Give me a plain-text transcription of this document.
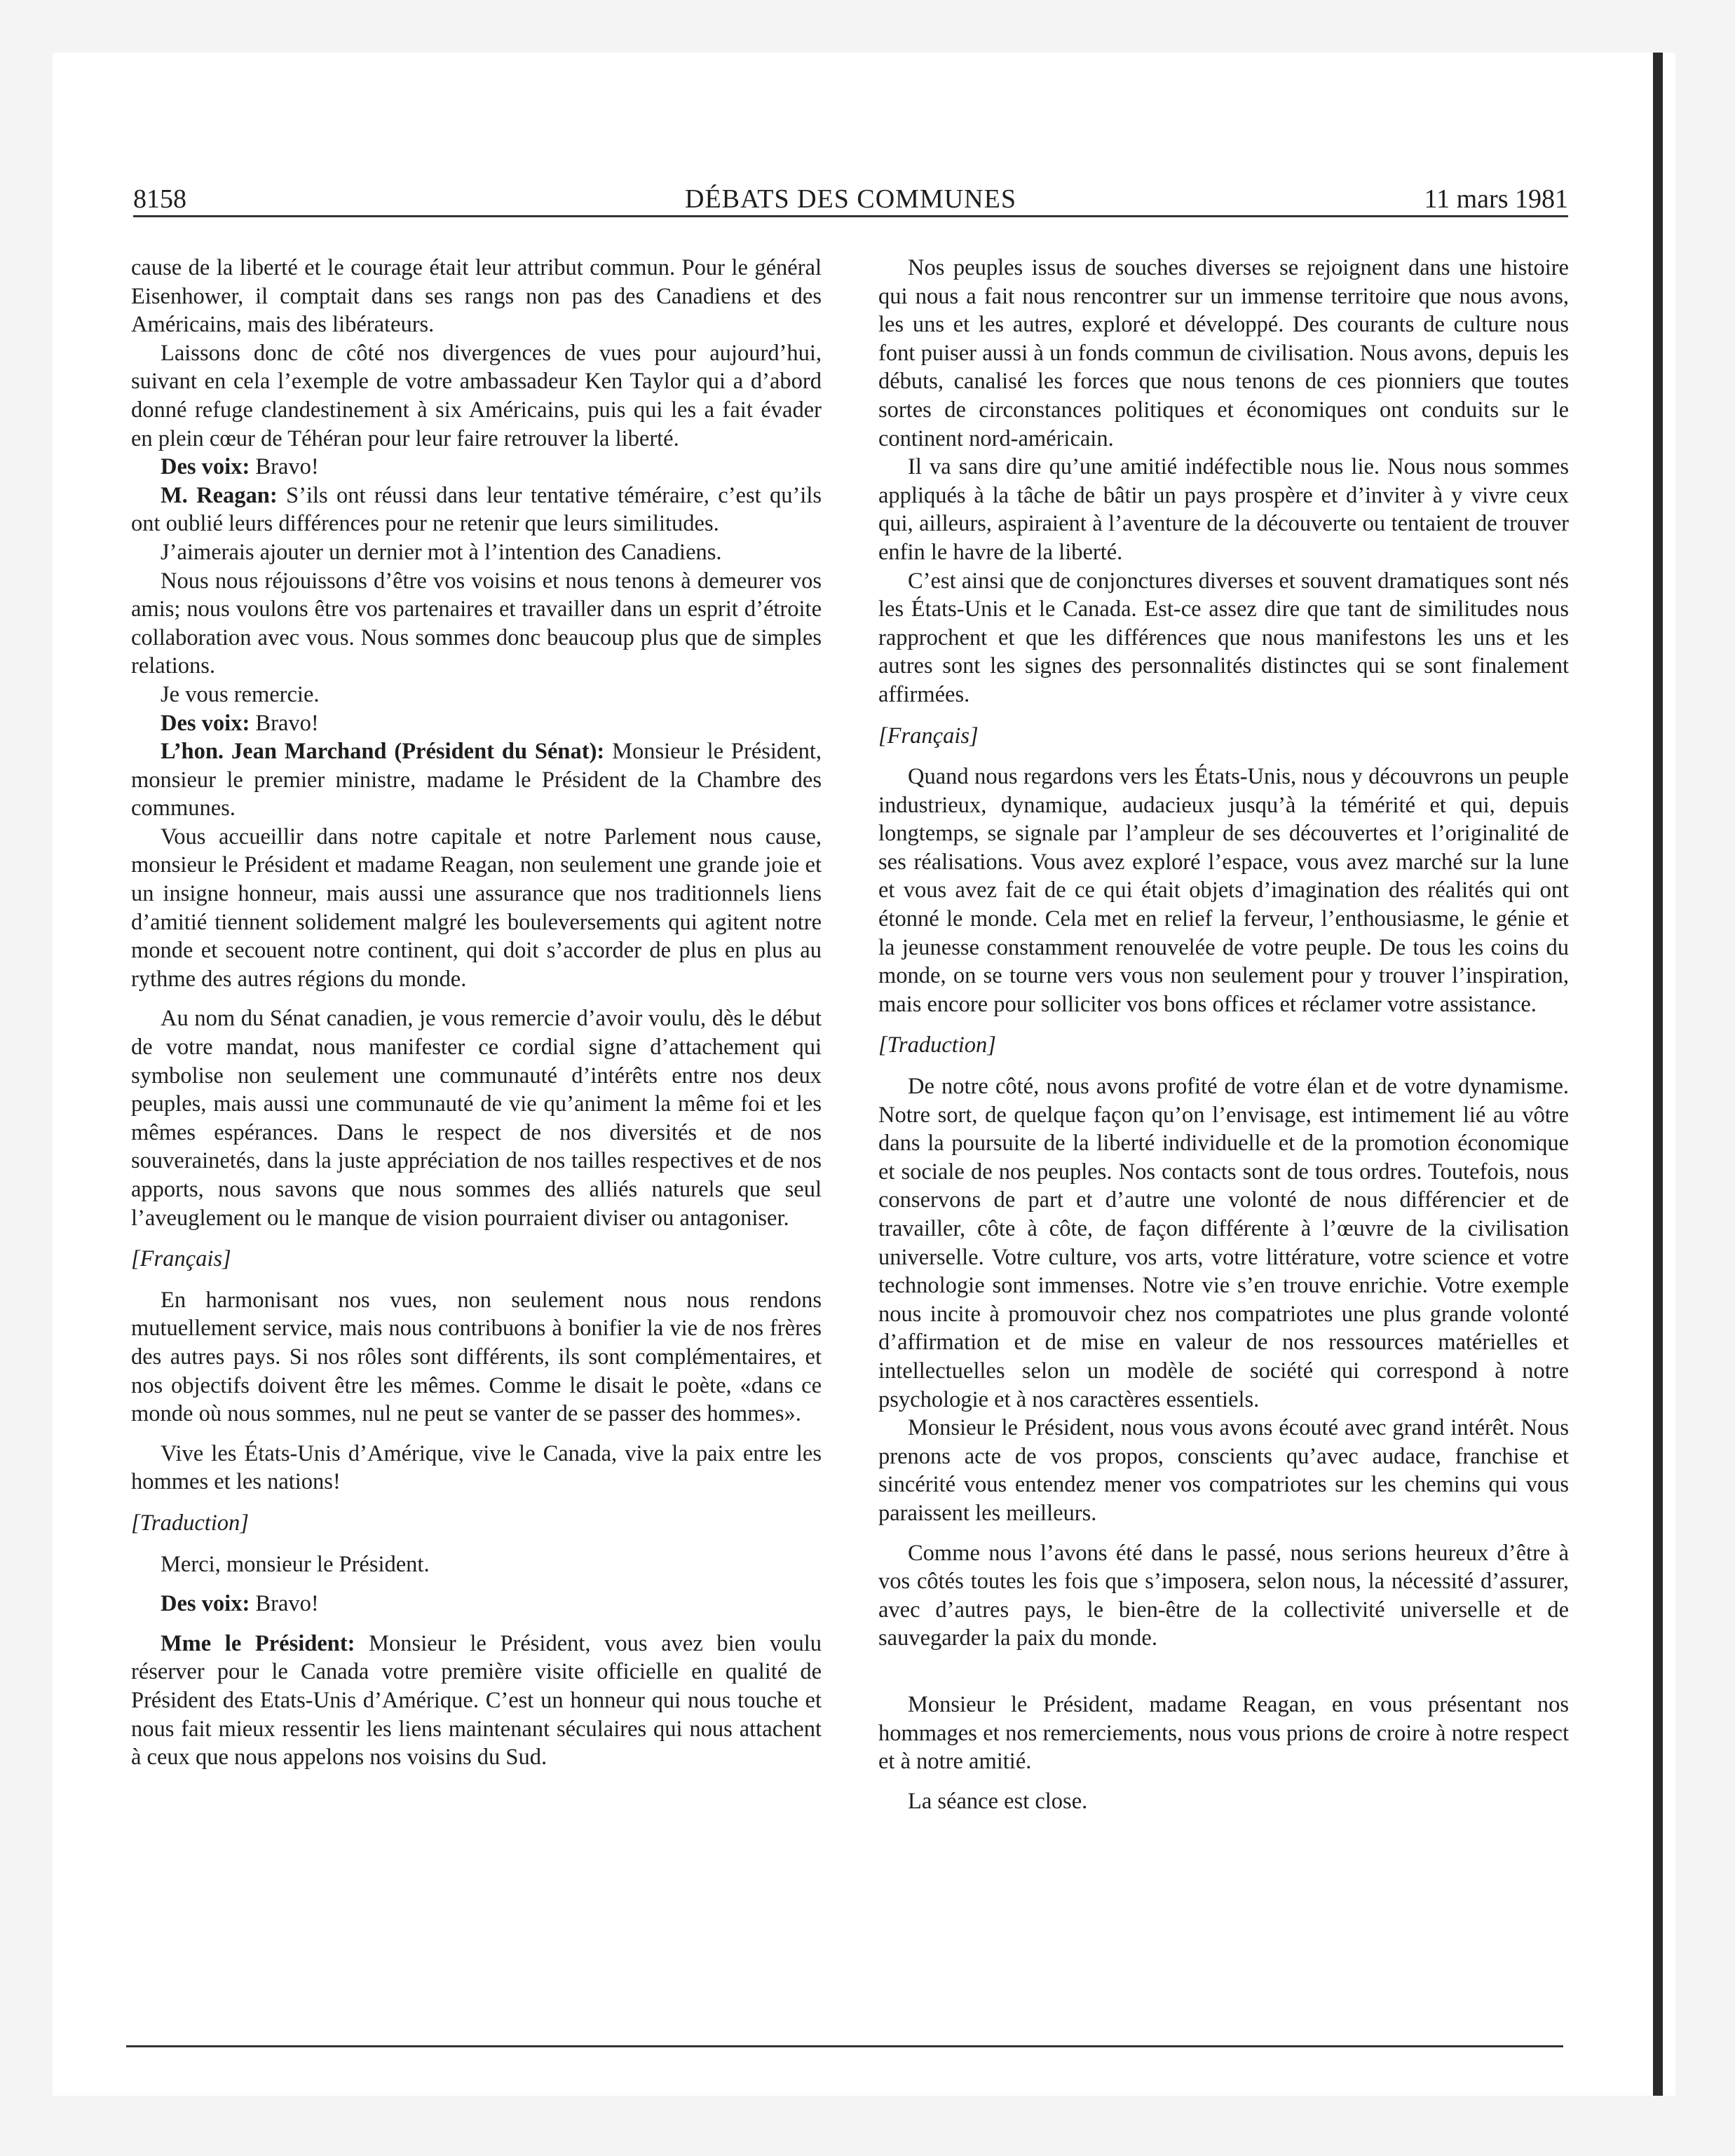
8158	DÉBATS DES COMMUNES	11 mars 1981

cause de la liberté et le courage était leur attribut commun. Pour le général Eisenhower, il comptait dans ses rangs non pas des Canadiens et des Américains, mais des libérateurs.

Laissons donc de côté nos divergences de vues pour aujourd’hui, suivant en cela l’exemple de votre ambassadeur Ken Taylor qui a d’abord donné refuge clandestinement à six Américains, puis qui les a fait évader en plein cœur de Téhéran pour leur faire retrouver la liberté.

Des voix: Bravo!

M. Reagan: S’ils ont réussi dans leur tentative téméraire, c’est qu’ils ont oublié leurs différences pour ne retenir que leurs similitudes.

J’aimerais ajouter un dernier mot à l’intention des Canadiens.

Nous nous réjouissons d’être vos voisins et nous tenons à demeurer vos amis; nous voulons être vos partenaires et travailler dans un esprit d’étroite collaboration avec vous. Nous sommes donc beaucoup plus que de simples relations.

Je vous remercie.

Des voix: Bravo!

L’hon. Jean Marchand (Président du Sénat): Monsieur le Président, monsieur le premier ministre, madame le Président de la Chambre des communes.

Vous accueillir dans notre capitale et notre Parlement nous cause, monsieur le Président et madame Reagan, non seulement une grande joie et un insigne honneur, mais aussi une assurance que nos traditionnels liens d’amitié tiennent solidement malgré les bouleversements qui agitent notre monde et secouent notre continent, qui doit s’accorder de plus en plus au rythme des autres régions du monde.

Au nom du Sénat canadien, je vous remercie d’avoir voulu, dès le début de votre mandat, nous manifester ce cordial signe d’attachement qui symbolise non seulement une communauté d’intérêts entre nos deux peuples, mais aussi une communauté de vie qu’animent la même foi et les mêmes espérances. Dans le respect de nos diversités et de nos souverainetés, dans la juste appréciation de nos tailles respectives et de nos apports, nous savons que nous sommes des alliés naturels que seul l’aveuglement ou le manque de vision pourraient diviser ou antagoniser.

[Français]

En harmonisant nos vues, non seulement nous nous rendons mutuellement service, mais nous contribuons à bonifier la vie de nos frères des autres pays. Si nos rôles sont différents, ils sont complémentaires, et nos objectifs doivent être les mêmes. Comme le disait le poète, «dans ce monde où nous sommes, nul ne peut se vanter de se passer des hommes».

Vive les États-Unis d’Amérique, vive le Canada, vive la paix entre les hommes et les nations!

[Traduction]

Merci, monsieur le Président.

Des voix: Bravo!

Mme le Président: Monsieur le Président, vous avez bien voulu réserver pour le Canada votre première visite officielle en qualité de Président des Etats-Unis d’Amérique. C’est un honneur qui nous touche et nous fait mieux ressentir les liens maintenant séculaires qui nous attachent à ceux que nous appelons nos voisins du Sud.

Nos peuples issus de souches diverses se rejoignent dans une histoire qui nous a fait nous rencontrer sur un immense territoire que nous avons, les uns et les autres, exploré et développé. Des courants de culture nous font puiser aussi à un fonds commun de civilisation. Nous avons, depuis les débuts, canalisé les forces que nous tenons de ces pionniers que toutes sortes de circonstances politiques et économiques ont conduits sur le continent nord-américain.

Il va sans dire qu’une amitié indéfectible nous lie. Nous nous sommes appliqués à la tâche de bâtir un pays prospère et d’inviter à y vivre ceux qui, ailleurs, aspiraient à l’aventure de la découverte ou tentaient de trouver enfin le havre de la liberté.

C’est ainsi que de conjonctures diverses et souvent dramatiques sont nés les États-Unis et le Canada. Est-ce assez dire que tant de similitudes nous rapprochent et que les différences que nous manifestons les uns et les autres sont les signes des personnalités distinctes qui se sont finalement affirmées.

[Français]

Quand nous regardons vers les États-Unis, nous y découvrons un peuple industrieux, dynamique, audacieux jusqu’à la témérité et qui, depuis longtemps, se signale par l’ampleur de ses découvertes et l’originalité de ses réalisations. Vous avez exploré l’espace, vous avez marché sur la lune et vous avez fait de ce qui était objets d’imagination des réalités qui ont étonné le monde. Cela met en relief la ferveur, l’enthousiasme, le génie et la jeunesse constamment renouvelée de votre peuple. De tous les coins du monde, on se tourne vers vous non seulement pour y trouver l’inspiration, mais encore pour solliciter vos bons offices et réclamer votre assistance.

[Traduction]

De notre côté, nous avons profité de votre élan et de votre dynamisme. Notre sort, de quelque façon qu’on l’envisage, est intimement lié au vôtre dans la poursuite de la liberté individuelle et de la promotion économique et sociale de nos peuples. Nos contacts sont de tous ordres. Toutefois, nous conservons de part et d’autre une volonté de nous différencier et de travailler, côte à côte, de façon différente à l’œuvre de la civilisation universelle. Votre culture, vos arts, votre littérature, votre science et votre technologie sont immenses. Notre vie s’en trouve enrichie. Votre exemple nous incite à promouvoir chez nos compatriotes une plus grande volonté d’affirmation et de mise en valeur de nos ressources matérielles et intellectuelles selon un modèle de société qui correspond à notre psychologie et à nos caractères essentiels.

Monsieur le Président, nous vous avons écouté avec grand intérêt. Nous prenons acte de vos propos, conscients qu’avec audace, franchise et sincérité vous entendez mener vos compatriotes sur les chemins qui vous paraissent les meilleurs.

Comme nous l’avons été dans le passé, nous serions heureux d’être à vos côtés toutes les fois que s’imposera, selon nous, la nécessité d’assurer, avec d’autres pays, le bien-être de la collectivité universelle et de sauvegarder la paix du monde.

Monsieur le Président, madame Reagan, en vous présentant nos hommages et nos remerciements, nous vous prions de croire à notre respect et à notre amitié.

La séance est close.
